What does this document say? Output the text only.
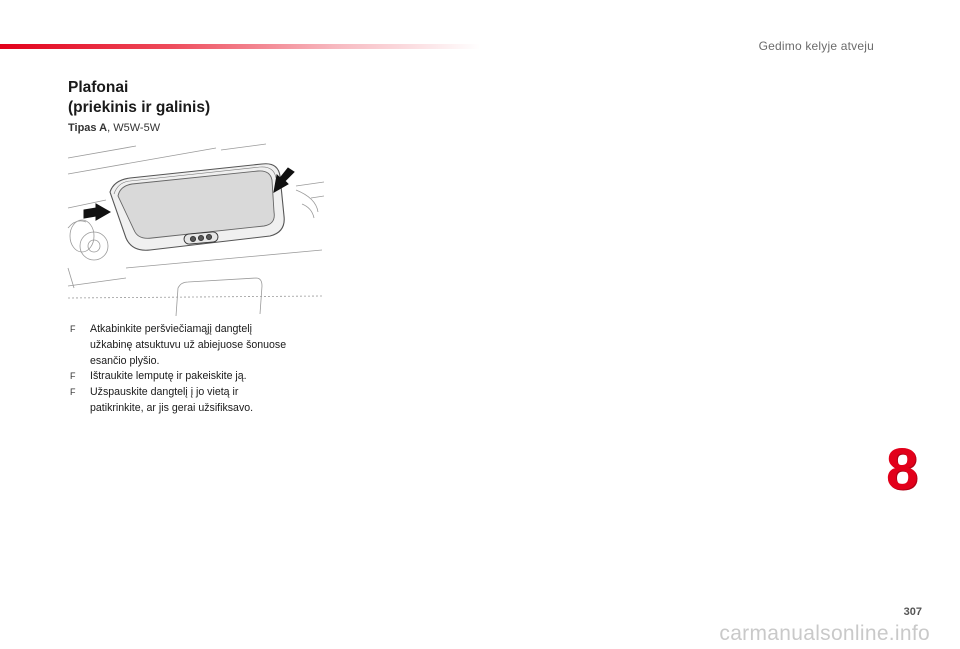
Gedimo kelyje atveju
Plafonai
(priekinis ir galinis)
Tipas A, W5W-5W
F Atkabinkite peršviečiamąjį dangtelį
užkabinę atsuktuvu už abiejuose šonuose
esančio plyšio.
F Ištraukite lemputę ir pakeiskite ją.
F Užspauskite dangtelį į jo vietą ir
patikrinkite, ar jis gerai užsifiksavo.
8
307
carmanualsonline.info
